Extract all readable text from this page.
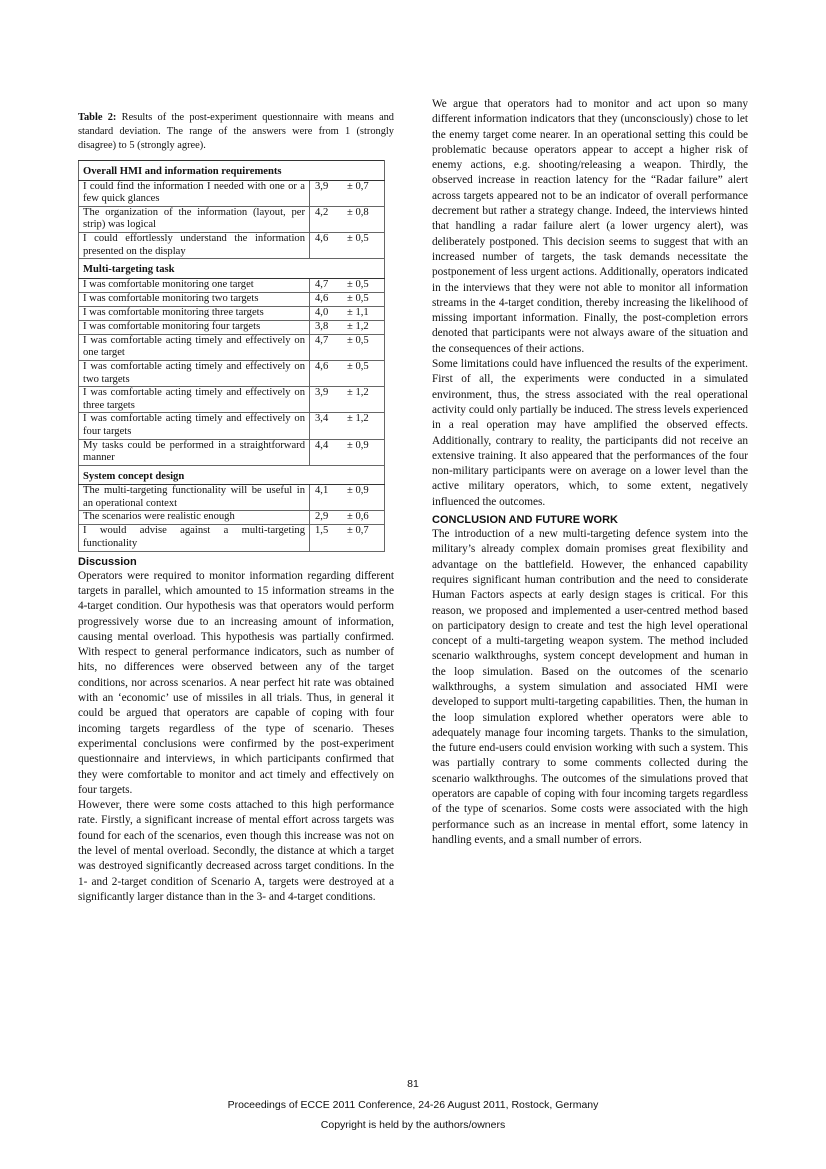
Table 2: Results of the post-experiment questionnaire with means and standard deviation. The range of the answers were from 1 (strongly disagree) to 5 (strongly agree).
Overall HMI and information requirements		
I could find the information I needed with one or a few quick glances	3,9	± 0,7
The organization of the information (layout, per strip) was logical	4,2	± 0,8
I could effortlessly understand the information presented on the display	4,6	± 0,5
Multi-targeting task		
I was comfortable monitoring one target	4,7	± 0,5
I was comfortable monitoring two targets	4,6	± 0,5
I was comfortable monitoring three targets	4,0	± 1,1
I was comfortable monitoring four targets	3,8	± 1,2
I was comfortable acting timely and effectively on one target	4,7	± 0,5
I was comfortable acting timely and effectively on two targets	4,6	± 0,5
I was comfortable acting timely and effectively on three targets	3,9	± 1,2
I was comfortable acting timely and effectively on four targets	3,4	± 1,2
My tasks could be performed in a straightforward manner	4,4	± 0,9
System concept design		
The multi-targeting functionality will be useful in an operational context	4,1	± 0,9
The scenarios were realistic enough	2,9	± 0,6
I would advise against a multi-targeting functionality	1,5	± 0,7
Discussion

Operators were required to monitor information regarding different targets in parallel, which amounted to 15 information streams in the 4-target condition. Our hypothesis was that operators would perform progressively worse due to an increasing amount of information, causing mental overload. This hypothesis was partially confirmed. With respect to general performance indicators, such as number of hits, no differences were observed between any of the target conditions, nor across scenarios. A near perfect hit rate was obtained with an ‘economic’ use of missiles in all trials. Thus, in general it could be argued that operators are capable of coping with four incoming targets regardless of the type of scenario. Theses experimental conclusions were confirmed by the post-experiment questionnaire and interviews, in which participants confirmed that they were comfortable to monitor and act timely and effectively on four targets.

However, there were some costs attached to this high performance rate. Firstly, a significant increase of mental effort across targets was found for each of the scenarios, even though this increase was not on the level of mental overload. Secondly, the distance at which a target was destroyed significantly decreased across target conditions. In the 1- and 2-target condition of Scenario A, targets were destroyed at a significantly larger distance than in the 3- and 4-target conditions.

We argue that operators had to monitor and act upon so many different information indicators that they (unconsciously) chose to let the enemy target come nearer. In an operational setting this could be problematic because operators appear to accept a higher risk of enemy actions, e.g. shooting/releasing a weapon. Thirdly, the observed increase in reaction latency for the “Radar failure” alert across targets appeared not to be an indicator of overall performance decrement but rather a strategy change. Indeed, the interviews hinted that handling a radar failure alert (a lower urgency alert), was deliberately postponed. This decision seems to suggest that with an increased number of targets, the task demands necessitate the postponement of less urgent actions. Additionally, operators indicated in the interviews that they were not able to monitor all information streams in the 4-target condition, thereby increasing the likelihood of missing important information. Finally, the post-completion errors denoted that participants were not always aware of the situation and the consequences of their actions.

Some limitations could have influenced the results of the experiment. First of all, the experiments were conducted in a simulated environment, thus, the stress associated with the real operational activity could only partially be induced. The stress levels experienced in a real operation may have amplified the observed effects. Additionally, contrary to reality, the participants did not receive an extensive training. It also appeared that the performances of the four non-military participants were on average on a lower level than the active military operators, which, to some extent, negatively influenced the outcomes.

CONCLUSION AND FUTURE WORK

The introduction of a new multi-targeting defence system into the military’s already complex domain promises great flexibility and advantage on the battlefield. However, the enhanced capability requires significant human contribution and the need to considerate Human Factors aspects at early design stages is critical. For this reason, we proposed and implemented a user-centred method based on participatory design to create and test the high level operational concept of a multi-targeting weapon system. The method included scenario walkthroughs, system concept development and human in the loop simulation. Based on the outcomes of the scenario walkthroughs, a system simulation and associated HMI were developed to support multi-targeting capabilities. Then, the human in the loop simulation explored whether operators were able to adequately manage four incoming targets. Thanks to the simulation, the future end-users could envision working with such a system. This was partially contrary to some comments collected during the scenario walkthroughs. The outcomes of the simulations proved that operators are capable of coping with four incoming targets regardless of the type of scenarios. Some costs were associated with the high performance such as an increase in mental effort, some latency in handling events, and a small number of errors.

81
Proceedings of ECCE 2011 Conference, 24-26 August 2011, Rostock, Germany
Copyright is held by the authors/owners
